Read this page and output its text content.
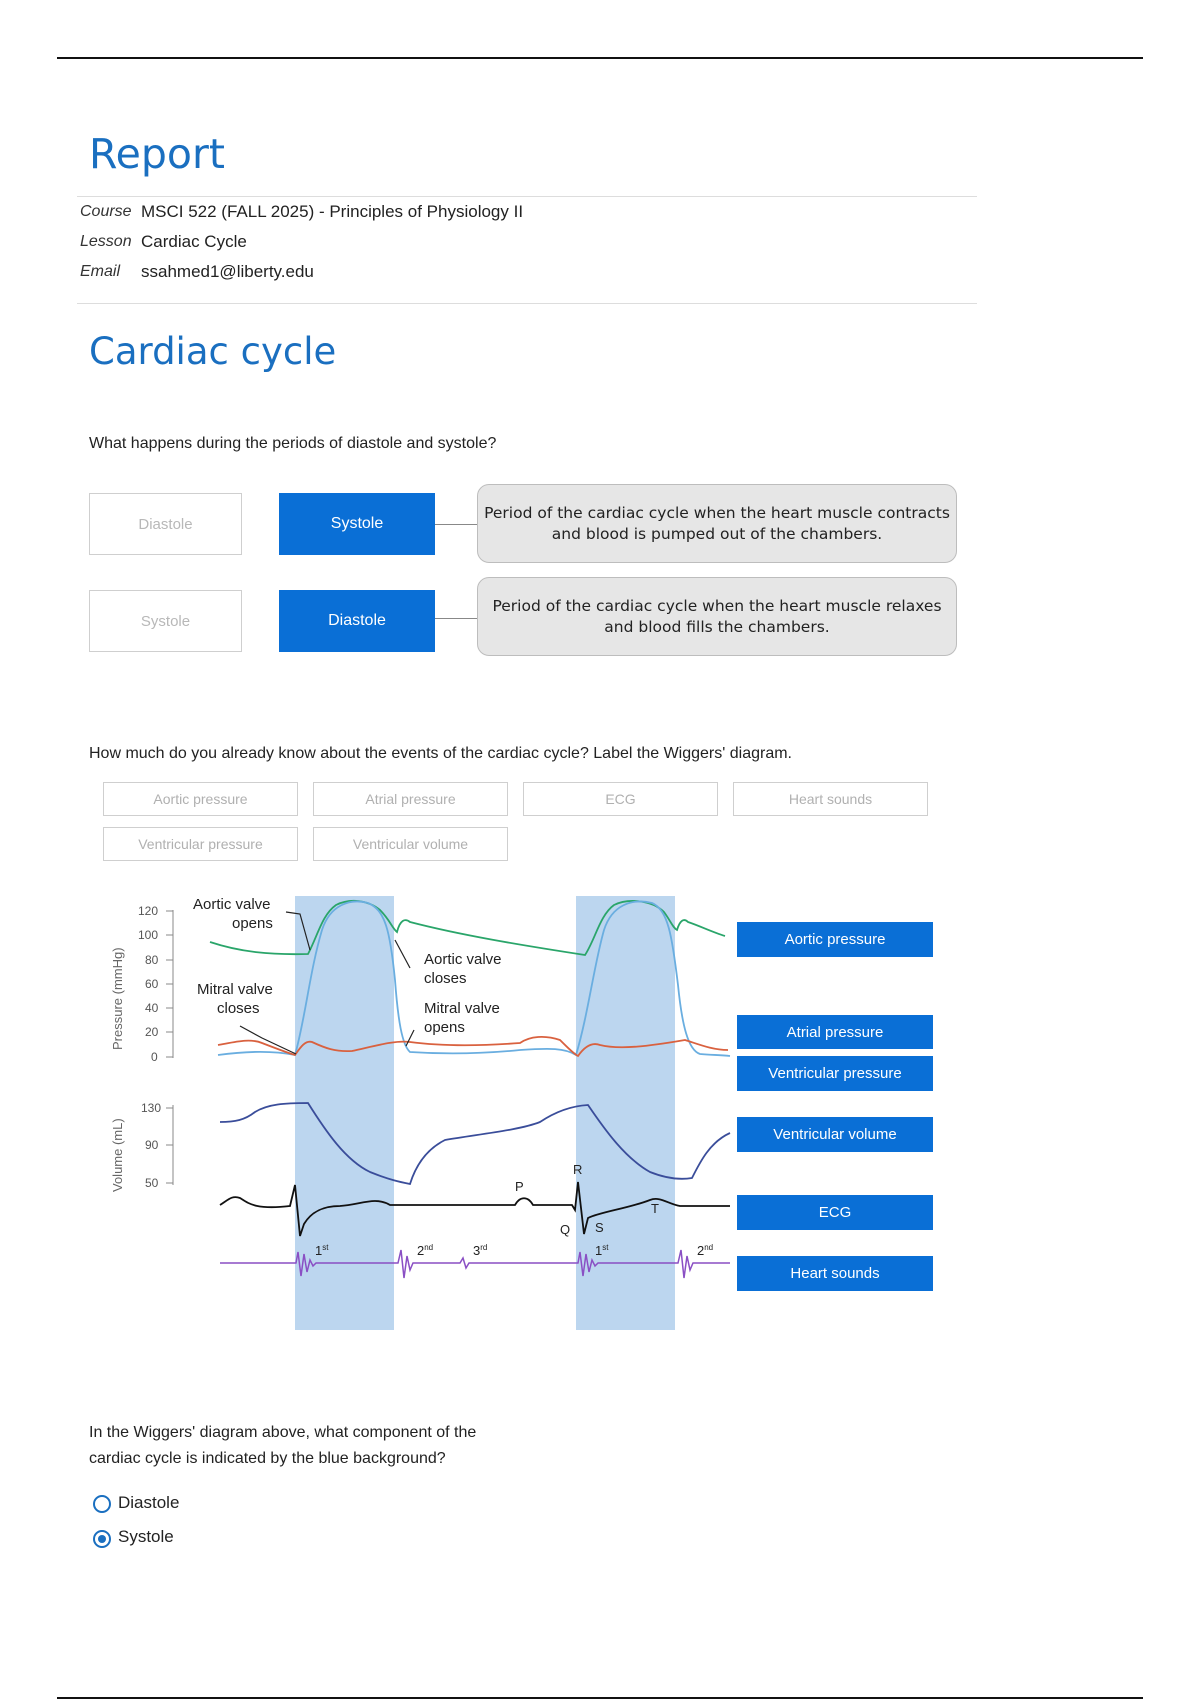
Report
Course MSCI 522 (FALL 2025) - Principles of Physiology II
Lesson Cardiac Cycle
Email ssahmed1@liberty.edu
Cardiac cycle
What happens during the periods of diastole and systole?
Diastole	Systole
Period of the cardiac cycle when the heart muscle contracts and blood is pumped out of the chambers.
Systole	Diastole
Period of the cardiac cycle when the heart muscle relaxes and blood fills the chambers.
How much do you already know about the events of the cardiac cycle? Label the Wiggers' diagram.
Aortic pressure	Atrial pressure	ECG	Heart sounds
Ventricular pressure	Ventricular volume
Pressure (mmHg)
120
100
80
60
40
20
0
Volume (mL)
130
90
50
Aortic valve
opens
Aortic valve
closes
Mitral valve
closes	Mitral valve
opens
P
R
Q S
T
1st	2nd	3rd	1st	2nd
Aortic pressure
Atrial pressure
Ventricular pressure
Ventricular volume
ECG
Heart sounds
In the Wiggers' diagram above, what component of the
cardiac cycle is indicated by the blue background?
Diastole
Systole
